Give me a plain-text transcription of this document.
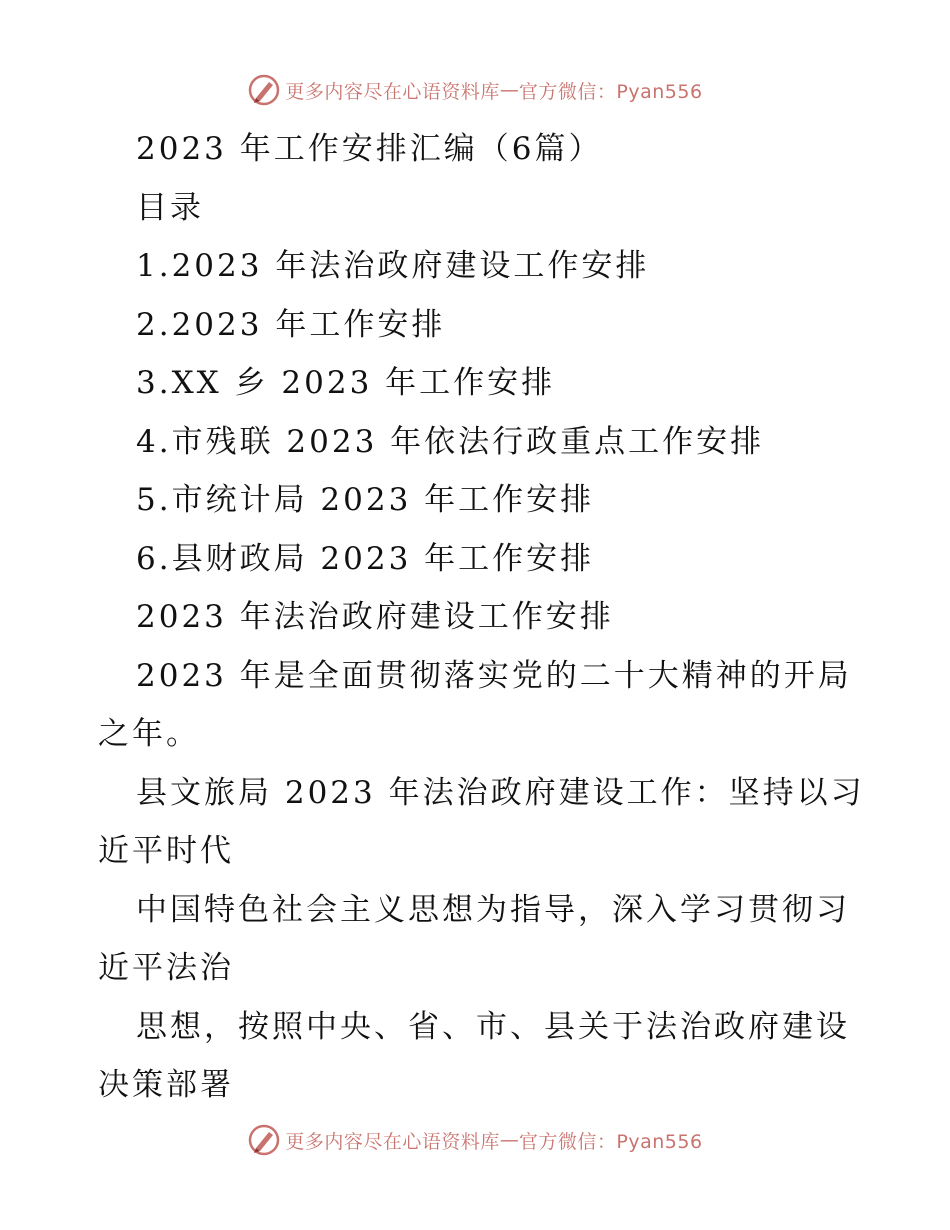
更多内容尽在心语资料库 — 官方微信：Pyan556
2023 年工作安排汇编（6篇）
目录
1.2023 年法治政府建设工作安排
2.2023 年工作安排
3.XX 乡 2023 年工作安排
4.市残联 2023 年依法行政重点工作安排
5.市统计局 2023 年工作安排
6.县财政局 2023 年工作安排
2023 年法治政府建设工作安排
2023 年是全面贯彻落实党的二十大精神的开局
之年。
县文旅局 2023 年法治政府建设工作：坚持以习
近平时代
中国特色社会主义思想为指导，深入学习贯彻习
近平法治
思想，按照中央、省、市、县关于法治政府建设
决策部署
更多内容尽在心语资料库 — 官方微信：Pyan556
